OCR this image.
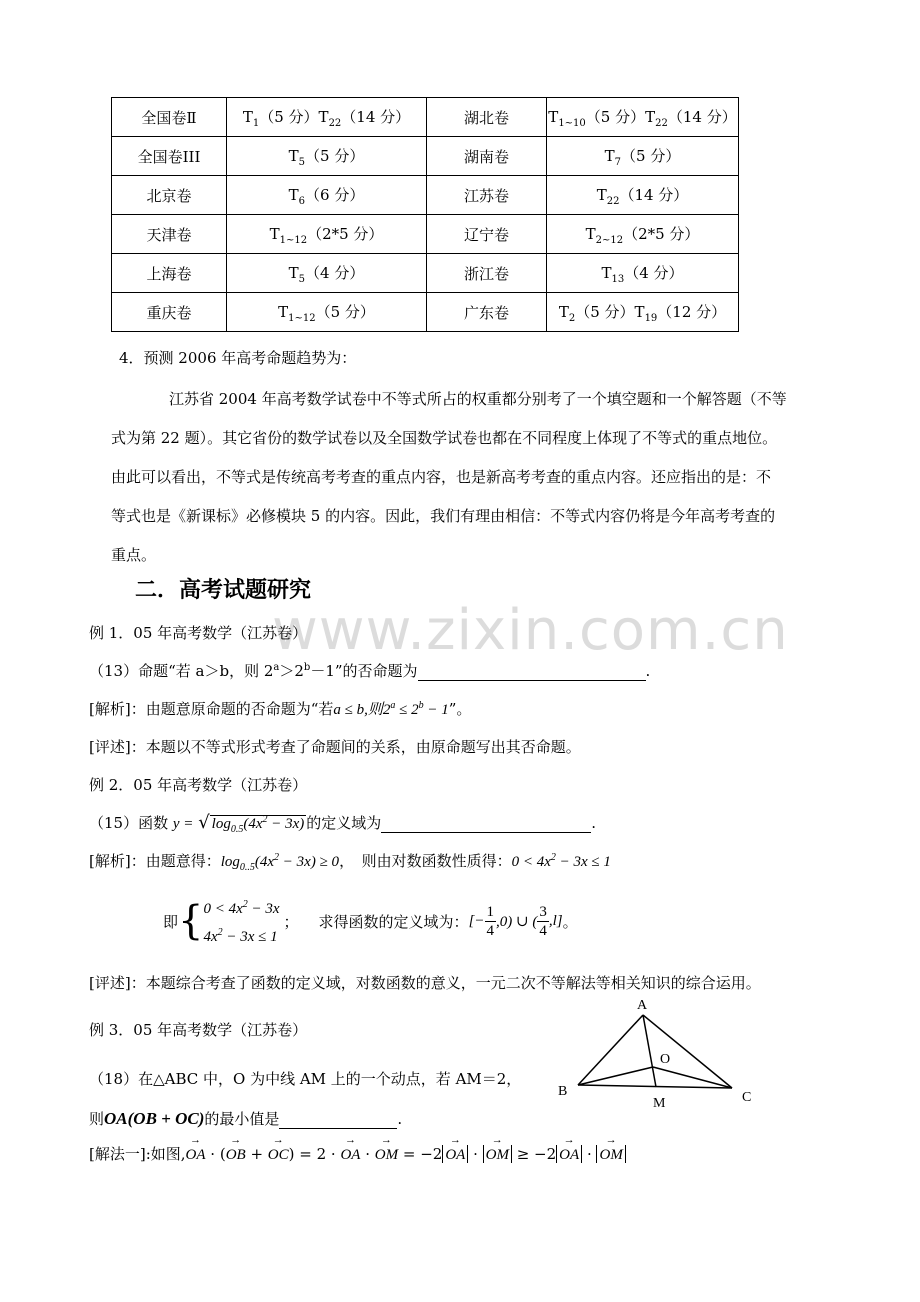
全国卷Ⅱ	$T_1(5$ 分）$T_{22}(14$ 分）	湖北卷	$T_{1\sim 10}(5$ 分）$T_{22}(14$ 分）
全国卷III	$T_5(5$ 分）	湖南卷	$T_7(5$ 分）
北京卷	$T_6(6$ 分）	江苏卷	$T_{22}(14$ 分）
天津卷	$T_{1\sim 12}(2*5$ 分）	辽宁卷	$T_{2\sim 12}(2*5$ 分）
上海卷	$T_5(4$ 分）	浙江卷	$T_{13}(4$ 分）
重庆卷	$T_{1\sim 12}(5$ 分）	广东卷	$T_2(5$ 分）$T_{19}(12$ 分）
4．预测 2006 年高考命题趋势为：
江苏省 2004 年高考数学试卷中不等式所占的权重都分别考了一个填空题和一个解答题（不等
式为第 22 题）。其它省份的数学试卷以及全国数学试卷也都在不同程度上体现了不等式的重点地位。
由此可以看出，不等式是传统高考考查的重点内容，也是新高考考查的重点内容。还应指出的是：不
等式也是《新课标》必修模块 5 的内容。因此，我们有理由相信：不等式内容仍将是今年高考考查的
重点。
二．高考试题研究
www.zixin.com.cn
例 1．05 年高考数学（江苏卷）
（13）命题“若 a＞b，则 $2^a>2^b-1$”的否命题为	.
[解析]：由题意原命题的否命题为“若a ≤ b,则$2^a \le 2^b - 1$”。
[评述]：本题以不等式形式考查了命题间的关系，由原命题写出其否命题。
例 2．05 年高考数学（江苏卷）
（15）函数 y = √ $\log_{0.5}(4x^2 - 3x)$ 的定义域为	.
[解析]：由题意得：$\log_{0..5}(4x^2 - 3x) \ge 0$，　则由对数函数性质得：$0 < 4x^2 - 3x \le 1$
即 { $0 < 4x^2 - 3x$
$4x^2 - 3x \le 1$
； 求得函数的定义域为： [− $\frac{1}{4} ,0$) ∪ ( $\frac{3}{4} ,l$] 。
[评述]：本题综合考查了函数的定义域，对数函数的意义，一元二次不等解法等相关知识的综合运用。
例 3．05 年高考数学（江苏卷）
（18）在△ABC 中，O 为中线 AM 上的一个动点，若 AM＝2，
则OA(OB + OC)的最小值是	.
[解法一]:如图,→ OA · (→ OB + → OC) = 2 · → OA · → OM = −2 → OA · → OM ≥ −2 → OA · → OM
A
B	C
O
M
